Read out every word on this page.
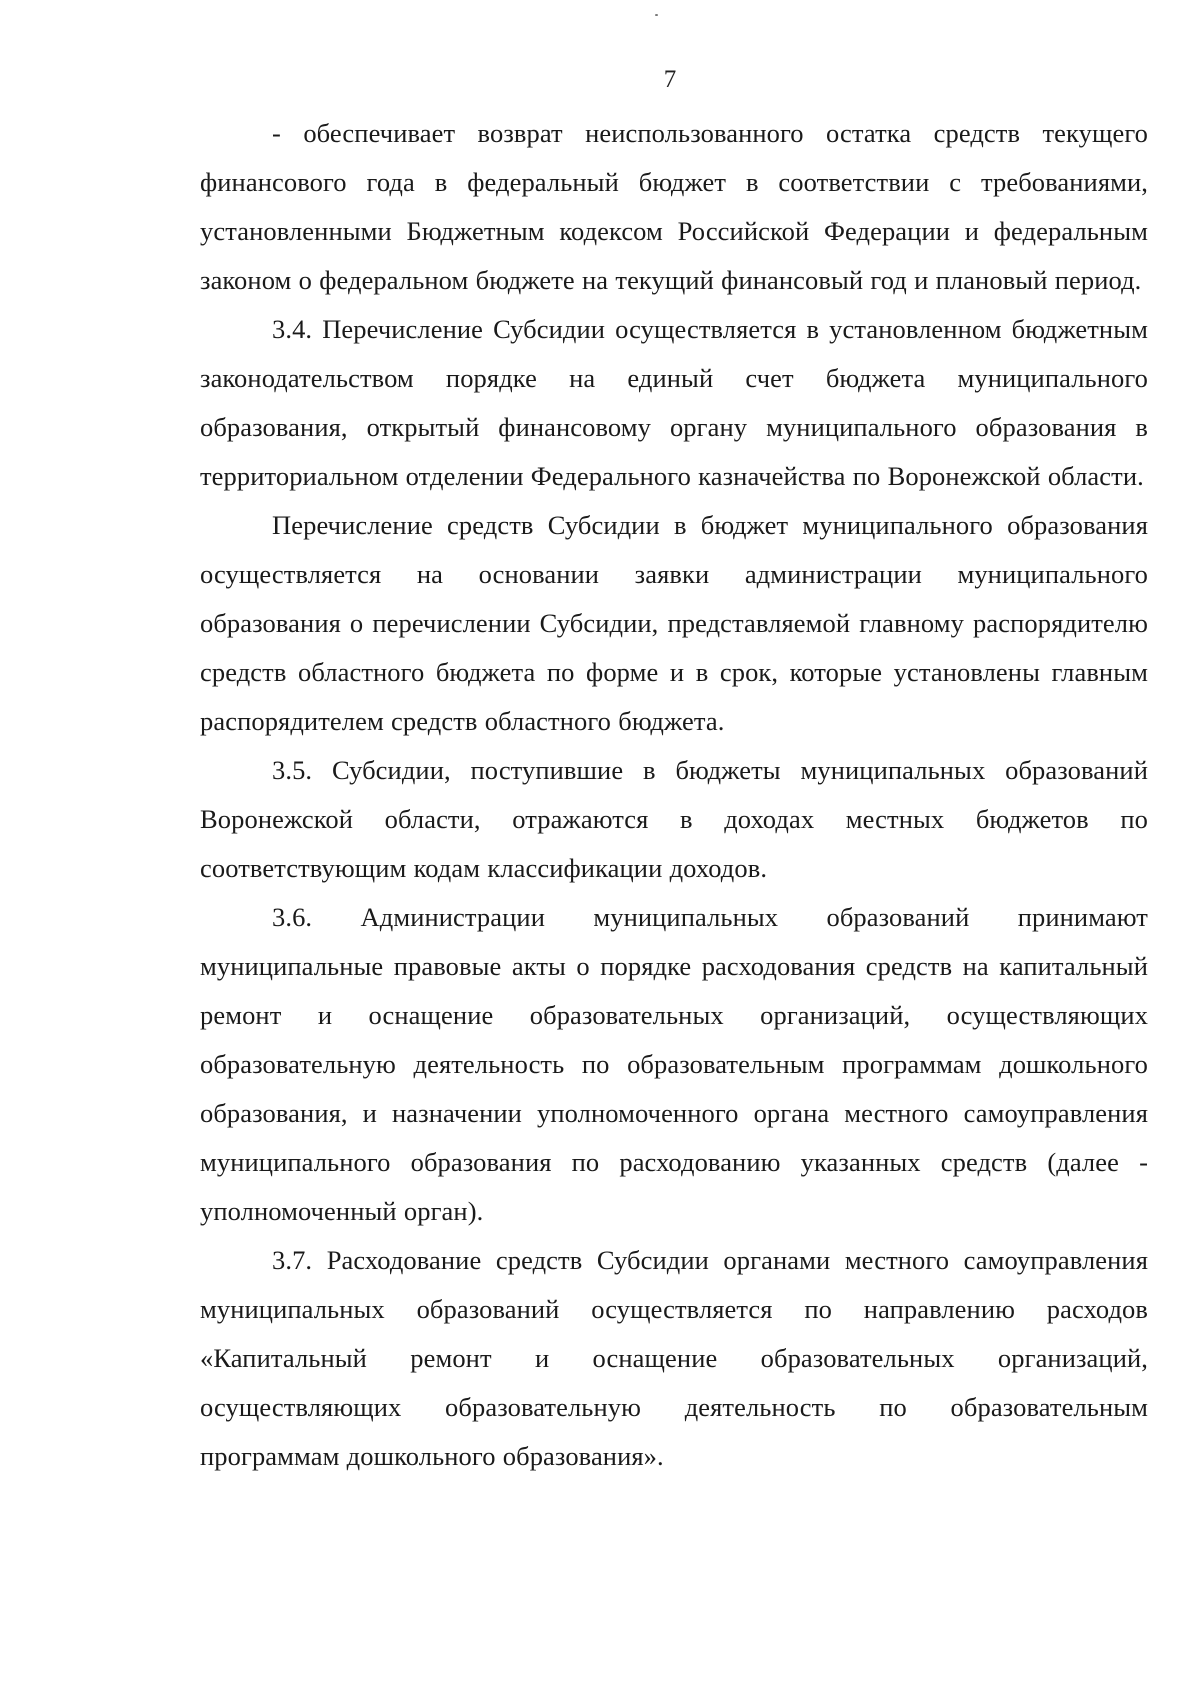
7

- обеспечивает возврат неиспользованного остатка средств текущего финансового года в федеральный бюджет в соответствии с требованиями, установленными Бюджетным кодексом Российской Федерации и федеральным законом о федеральном бюджете на текущий финансовый год и плановый период.

3.4. Перечисление Субсидии осуществляется в установленном бюджетным законодательством порядке на единый счет бюджета муниципального образования, открытый финансовому органу муниципального образования в территориальном отделении Федерального казначейства по Воронежской области.

Перечисление средств Субсидии в бюджет муниципального образования осуществляется на основании заявки администрации муниципального образования о перечислении Субсидии, представляемой главному распорядителю средств областного бюджета по форме и в срок, которые установлены главным распорядителем средств областного бюджета.

3.5. Субсидии, поступившие в бюджеты муниципальных образований Воронежской области, отражаются в доходах местных бюджетов по соответствующим кодам классификации доходов.

3.6. Администрации муниципальных образований принимают муниципальные правовые акты о порядке расходования средств на капитальный ремонт и оснащение образовательных организаций, осуществляющих образовательную деятельность по образовательным программам дошкольного образования, и назначении уполномоченного органа местного самоуправления муниципального образования по расходованию указанных средств (далее - уполномоченный орган).

3.7. Расходование средств Субсидии органами местного самоуправления муниципальных образований осуществляется по направлению расходов «Капитальный ремонт и оснащение образовательных организаций, осуществляющих образовательную деятельность по образовательным программам дошкольного образования».
